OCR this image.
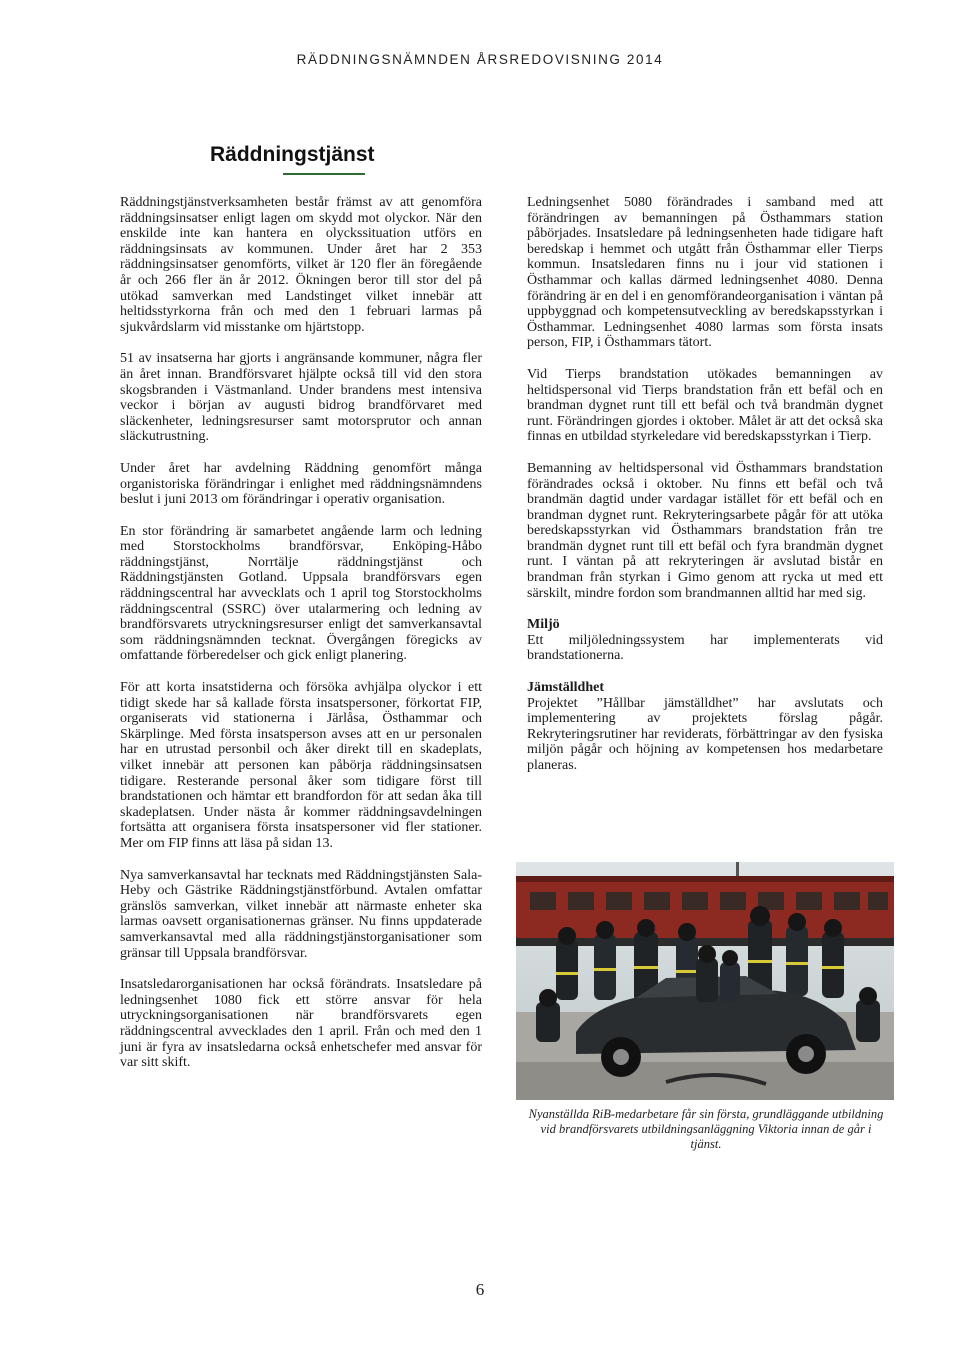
RÄDDNINGSNÄMNDEN ÅRSREDOVISNING 2014
Räddningstjänst

Räddningstjänstverksamheten består främst av att genomföra räddningsinsatser enligt lagen om skydd mot olyckor. När den enskilde inte kan hantera en olyckssituation utförs en räddningsinsats av kommunen. Under året har 2 353 räddningsinsatser genomförts, vilket är 120 fler än föregående år och 266 fler än år 2012. Ökningen beror till stor del på utökad samverkan med Landstinget vilket innebär att heltidsstyrkorna från och med den 1 februari larmas på sjukvårdslarm vid misstanke om hjärtstopp.

51 av insatserna har gjorts i angränsande kommuner, några fler än året innan. Brandförsvaret hjälpte också till vid den stora skogsbranden i Västmanland. Under brandens mest intensiva veckor i början av augusti bidrog brandförvaret med släckenheter, ledningsresurser samt motorsprutor och annan släckutrustning.

Under året har avdelning Räddning genomfört många organistoriska förändringar i enlighet med räddningsnämndens beslut i juni 2013 om förändringar i operativ organisation.

En stor förändring är samarbetet angående larm och ledning med Storstockholms brandförsvar, Enköping-Håbo räddningstjänst, Norrtälje räddningstjänst och Räddningstjänsten Gotland. Uppsala brandförsvars egen räddningscentral har avvecklats och 1 april tog Storstockholms räddningscentral (SSRC) över utalarmering och ledning av brandförsvarets utryckningsresurser enligt det samverkansavtal som räddningsnämnden tecknat. Övergången föregicks av omfattande förberedelser och gick enligt planering.

För att korta insatstiderna och försöka avhjälpa olyckor i ett tidigt skede har så kallade första insatspersoner, förkortat FIP, organiserats vid stationerna i Järlåsa, Östhammar och Skärplinge. Med första insatsperson avses att en ur personalen har en utrustad personbil och åker direkt till en skadeplats, vilket innebär att personen kan påbörja räddningsinsatsen tidigare. Resterande personal åker som tidigare först till brandstationen och hämtar ett brandfordon för att sedan åka till skadeplatsen. Under nästa år kommer räddningsavdelningen fortsätta att organisera första insatspersoner vid fler stationer. Mer om FIP finns att läsa på sidan 13.

Nya samverkansavtal har tecknats med Räddningstjänsten Sala-Heby och Gästrike Räddningstjänstförbund. Avtalen omfattar gränslös samverkan, vilket innebär att närmaste enheter ska larmas oavsett organisationernas gränser. Nu finns uppdaterade samverkansavtal med alla räddningstjänstorganisationer som gränsar till Uppsala brandförsvar.

Insatsledarorganisationen har också förändrats. Insatsledare på ledningsenhet 1080 fick ett större ansvar för hela utryckningsorganisationen när brandförsvarets egen räddningscentral avvecklades den 1 april. Från och med den 1 juni är fyra av insatsledarna också enhetschefer med ansvar för var sitt skift.

Ledningsenhet 5080 förändrades i samband med att förändringen av bemanningen på Östhammars station påbörjades. Insatsledare på ledningsenheten hade tidigare haft beredskap i hemmet och utgått från Östhammar eller Tierps kommun. Insatsledaren finns nu i jour vid stationen i Östhammar och kallas därmed ledningsenhet 4080. Denna förändring är en del i en genomförandeorganisation i väntan på uppbyggnad och kompetensutveckling av beredskapsstyrkan i Östhammar. Ledningsenhet 4080 larmas som första insats person, FIP, i Östhammars tätort.

Vid Tierps brandstation utökades bemanningen av heltidspersonal vid Tierps brandstation från ett befäl och en brandman dygnet runt till ett befäl och två brandmän dygnet runt. Förändringen gjordes i oktober. Målet är att det också ska finnas en utbildad styrkeledare vid beredskapsstyrkan i Tierp.

Bemanning av heltidspersonal vid Östhammars brandstation förändrades också i oktober. Nu finns ett befäl och två brandmän dagtid under vardagar istället för ett befäl och en brandman dygnet runt. Rekryteringsarbete pågår för att utöka beredskapsstyrkan vid Östhammars brandstation från tre brandmän dygnet runt till ett befäl och fyra brandmän dygnet runt. I väntan på att rekryteringen är avslutad bistår en brandman från styrkan i Gimo genom att rycka ut med ett särskilt, mindre fordon som brandmannen alltid har med sig.

Miljö

Ett miljöledningssystem har implementerats vid brandstationerna.

Jämställdhet

Projektet ”Hållbar jämställdhet” har avslutats och implementering av projektets förslag pågår. Rekryteringsrutiner har reviderats, förbättringar av den fysiska miljön pågår och höjning av kompetensen hos medarbetare planeras.

Nyanställda RiB-medarbetare får sin första, grundläggande utbildning vid brandförsvarets utbildningsanläggning Viktoria innan de går i tjänst.
6
